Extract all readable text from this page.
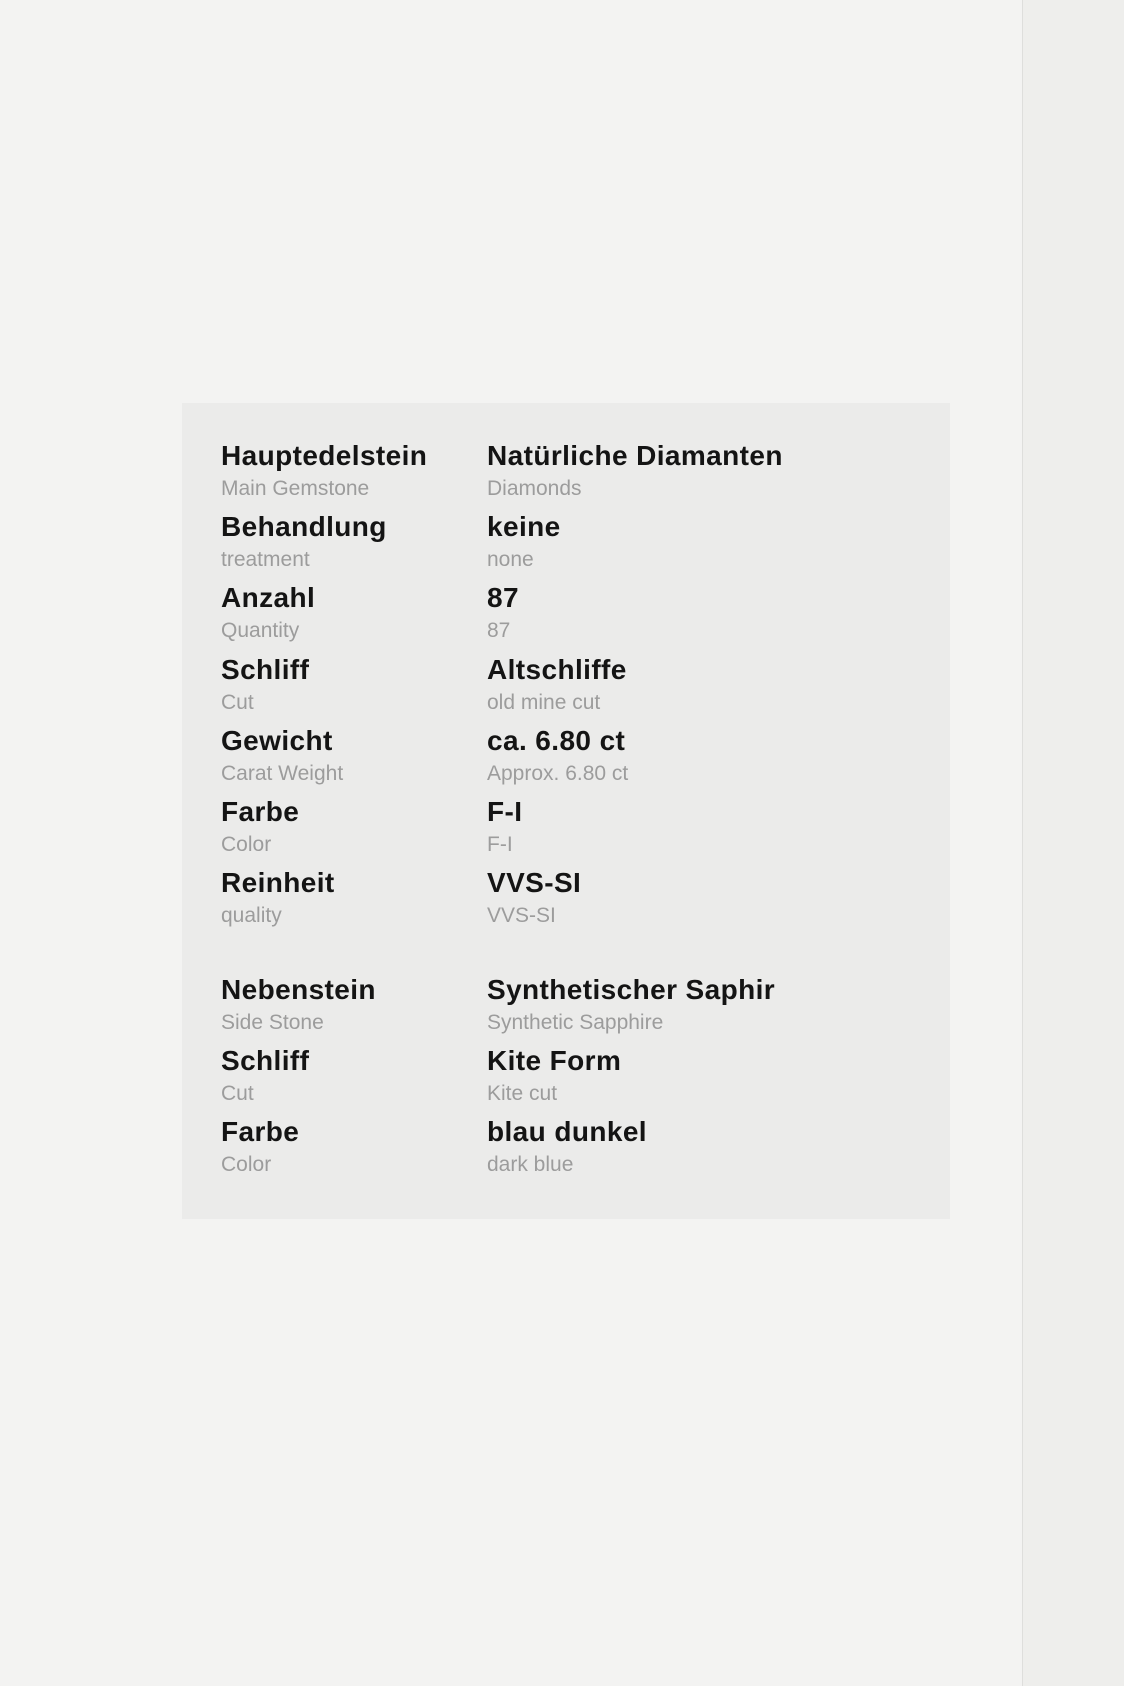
Hauptedelstein
Main Gemstone
Natürliche Diamanten
Diamonds
Behandlung
treatment
keine
none
Anzahl
Quantity
87
87
Schliff
Cut
Altschliffe
old mine cut
Gewicht
Carat Weight
ca. 6.80 ct
Approx. 6.80 ct
Farbe
Color
F-I
F-I
Reinheit
quality
VVS-SI
VVS-SI
Nebenstein
Side Stone
Synthetischer Saphir
Synthetic Sapphire
Schliff
Cut
Kite Form
Kite cut
Farbe
Color
blau dunkel
dark blue
